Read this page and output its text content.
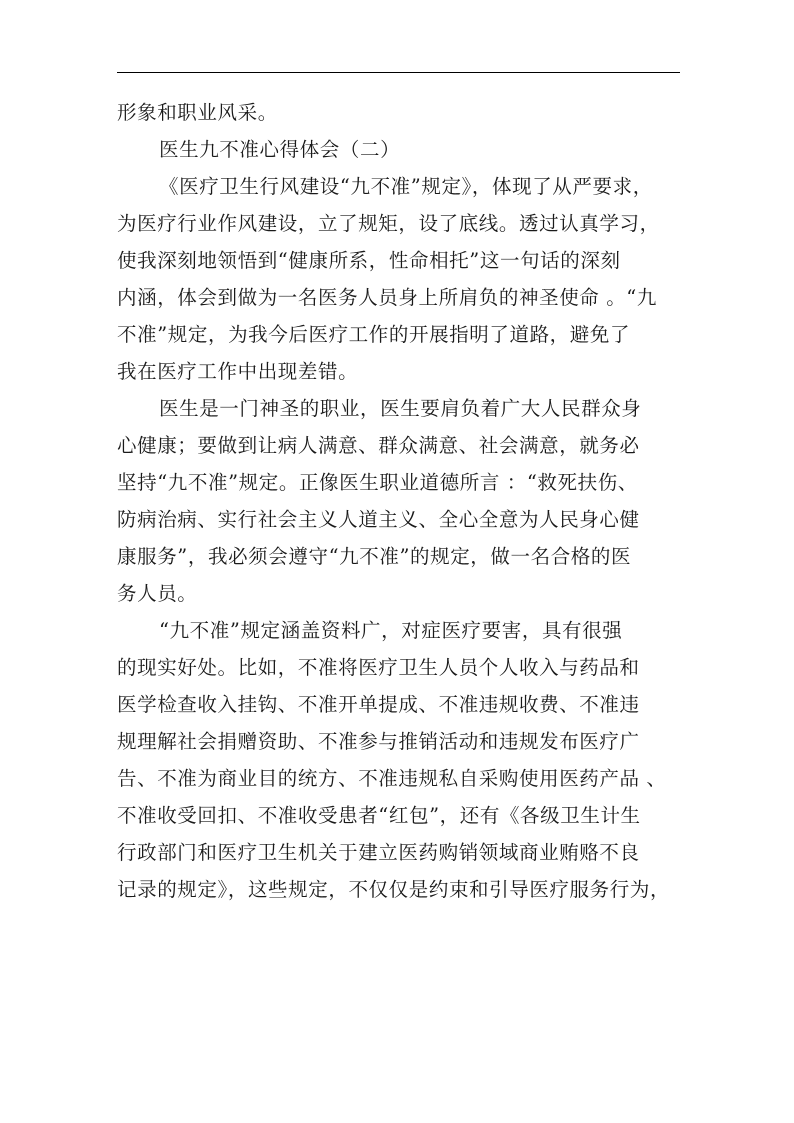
形象和职业风采。
医生九不准心得体会（二）
《医疗卫生行风建设“九不准”规定》，体现了从严要求，
为医疗行业作风建设，立了规矩，设了底线。透过认真学习，
使我深刻地领悟到“健康所系，性命相托”这一句话的深刻
内涵，体会到做为一名医务人员身上所肩负的神圣使命 。“九
不准”规定，为我今后医疗工作的开展指明了道路，避免了
我在医疗工作中出现差错。
医生是一门神圣的职业，医生要肩负着广大人民群众身
心健康；要做到让病人满意、群众满意、社会满意，就务必
坚持“九不准”规定。正像医生职业道德所言 ：“救死扶伤、
防病治病、实行社会主义人道主义、全心全意为人民身心健
康服务”，我必须会遵守“九不准”的规定，做一名合格的医
务人员。
“九不准”规定涵盖资料广，对症医疗要害，具有很强
的现实好处。比如，不准将医疗卫生人员个人收入与药品和
医学检查收入挂钩、不准开单提成、不准违规收费、不准违
规理解社会捐赠资助、不准参与推销活动和违规发布医疗广
告、不准为商业目的统方、不准违规私自采购使用医药产品 、
不准收受回扣、不准收受患者“红包”，还有《各级卫生计生
行政部门和医疗卫生机关于建立医药购销领域商业贿赂不良
记录的规定》，这些规定，不仅仅是约束和引导医疗服务行为，
